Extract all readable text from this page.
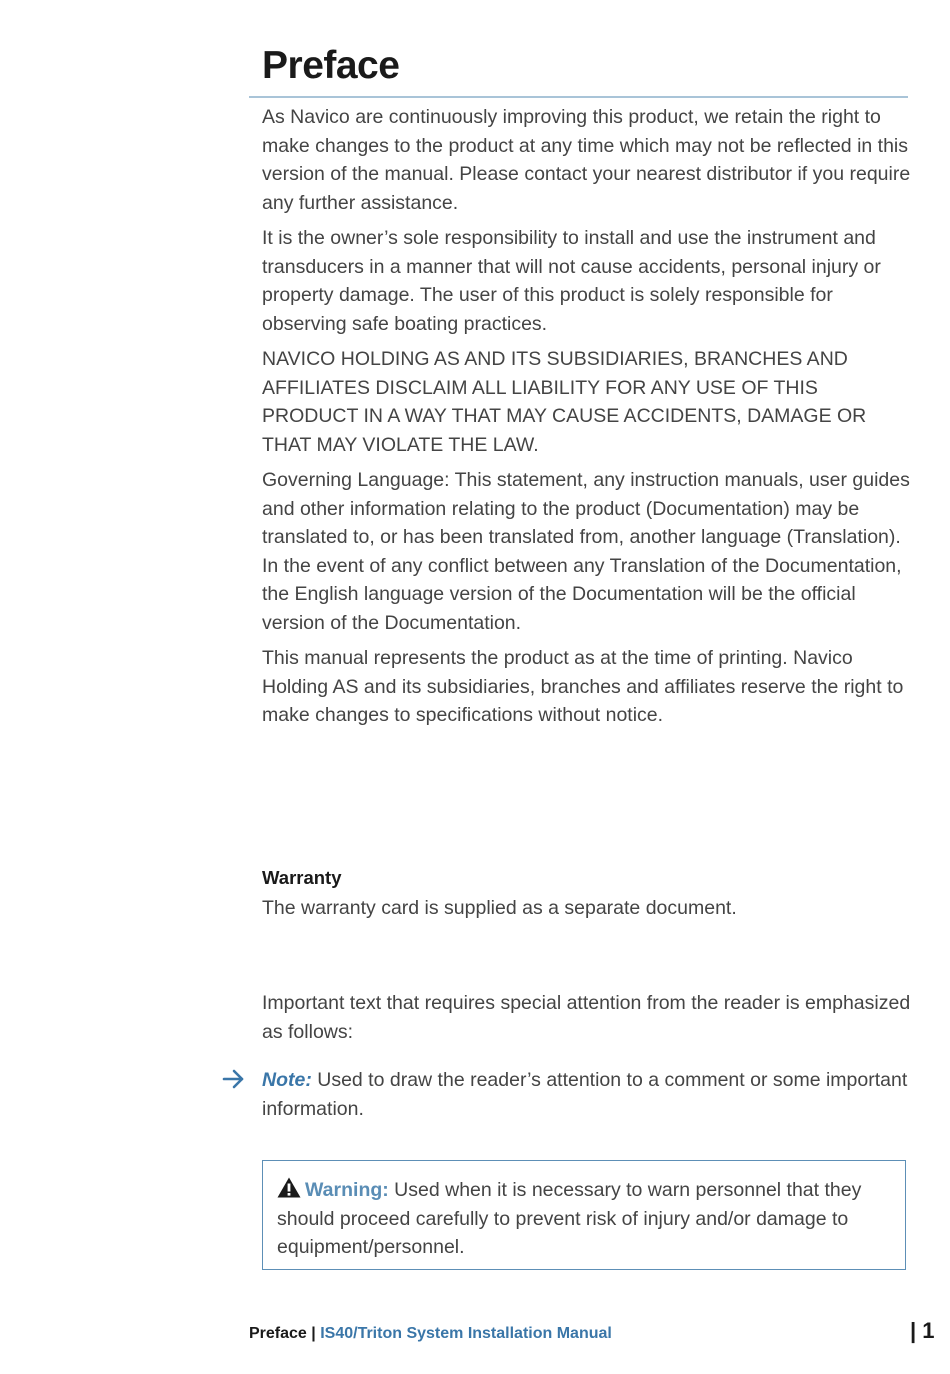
Preface

As Navico are continuously improving this product, we retain the right to make changes to the product at any time which may not be reflected in this version of the manual. Please contact your nearest distributor if you require any further assistance.

It is the owner’s sole responsibility to install and use the instrument and transducers in a manner that will not cause accidents, personal injury or property damage. The user of this product is solely responsible for observing safe boating practices.

NAVICO HOLDING AS AND ITS SUBSIDIARIES, BRANCHES AND AFFILIATES DISCLAIM ALL LIABILITY FOR ANY USE OF THIS PRODUCT IN A WAY THAT MAY CAUSE ACCIDENTS, DAMAGE OR THAT MAY VIOLATE THE LAW.

Governing Language: This statement, any instruction manuals, user guides and other information relating to the product (Documentation) may be translated to, or has been translated from, another language (Translation). In the event of any conflict between any Translation of the Documentation, the English language version of the Documentation will be the official version of the Documentation.

This manual represents the product as at the time of printing. Navico Holding AS and its subsidiaries, branches and affiliates reserve the right to make changes to specifications without notice.

Warranty

The warranty card is supplied as a separate document.

Important text that requires special attention from the reader is emphasized as follows:

Note: Used to draw the reader’s attention to a comment or some important information.

Warning: Used when it is necessary to warn personnel that they should proceed carefully to prevent risk of injury and/or damage to equipment/personnel.

Preface | IS40/Triton System Installation Manual	| 1
